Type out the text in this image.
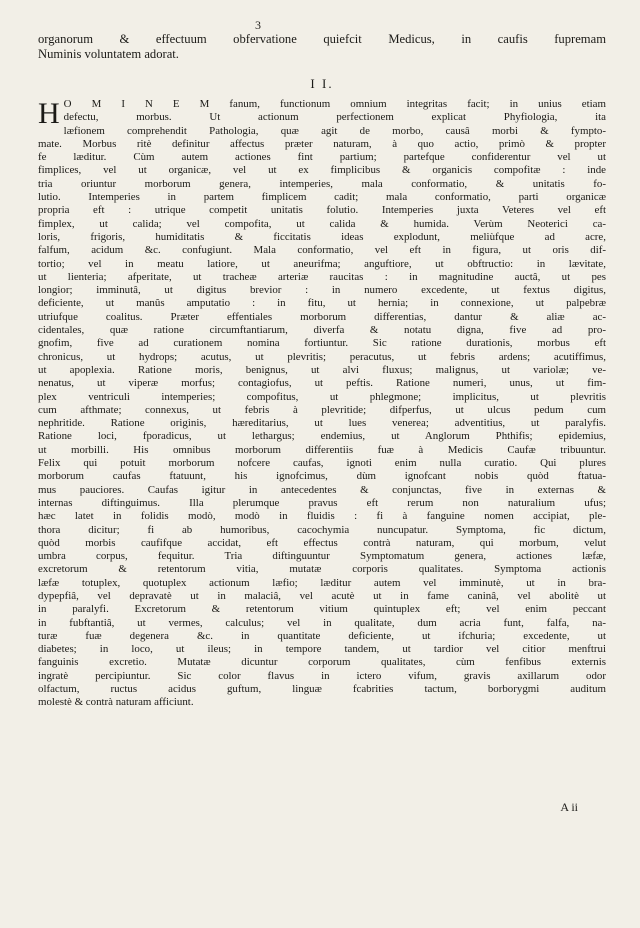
3
organorum & effectuum obfervatione quiefcit Medicus, in caufis fupremam
Numinis voluntatem adorat.
I I.
H O M I N E M fanum, functionum omnium integritas facit; in unius etiam
defectu, morbus. Ut actionum perfectionem explicat Phyfiologia, ita
læfionem comprehendit Pathologia, quæ agit de morbo, causâ morbi & fympto-
mate. Morbus ritè definitur affectus præter naturam, à quo actio, primò & propter
fe læditur. Cùm autem actiones fint partium; partefque confiderentur vel ut
fimplices, vel ut organicæ, vel ut ex fimplicibus & organicis compofitæ : inde
tria oriuntur morborum genera, intemperies, mala conformatio, & unitatis fo-
lutio. Intemperies in partem fimplicem cadit; mala conformatio, parti organicæ
propria eft : utrique competit unitatis folutio. Intemperies juxta Veteres vel eft
fimplex, ut calida; vel compofita, ut calida & humida. Verùm Neoterici ca-
loris, frigoris, humiditatis & ficcitatis ideas explodunt, meliùfque ad acre,
falfum, acidum &c. confugiunt. Mala conformatio, vel eft in figura, ut oris dif-
tortio; vel in meatu latiore, ut aneurifma; anguftiore, ut obftructio: in lævitate,
ut lienteria; afperitate, ut tracheæ arteriæ raucitas : in magnitudine auctâ, ut pes
longior; imminutâ, ut digitus brevior : in numero excedente, ut fextus digitus,
deficiente, ut manûs amputatio : in fitu, ut hernia; in connexione, ut palpebræ
utriufque coalitus. Præter effentiales morborum differentias, dantur & aliæ ac-
cidentales, quæ ratione circumftantiarum, diverfa & notatu digna, five ad pro-
gnofim, five ad curationem nomina fortiuntur. Sic ratione durationis, morbus eft
chronicus, ut hydrops; acutus, ut plevritis; peracutus, ut febris ardens; acutiffimus,
ut apoplexia. Ratione moris, benignus, ut alvi fluxus; malignus, ut variolæ; ve-
nenatus, ut viperæ morfus; contagiofus, ut peftis. Ratione numeri, unus, ut fim-
plex ventriculi intemperies; compofitus, ut phlegmone; implicitus, ut plevritis
cum afthmate; connexus, ut febris à plevritide; difperfus, ut ulcus pedum cum
nephritide. Ratione originis, hæreditarius, ut lues venerea; adventitius, ut paralyfis.
Ratione loci, fporadicus, ut lethargus; endemius, ut Anglorum Phthifis; epidemius,
ut morbilli. His omnibus morborum differentiis fuæ à Medicis Caufæ tribuuntur.
Felix qui potuit morborum nofcere caufas, ignoti enim nulla curatio. Qui plures
morborum caufas ftatuunt, his ignofcimus, dùm ignofcant nobis quòd ftatua-
mus pauciores. Caufas igitur in antecedentes & conjunctas, five in externas &
internas diftinguimus. Illa plerumque pravus eft rerum non naturalium ufus;
hæc latet in folidis modò, modò in fluidis : fi à fanguine nomen accipiat, ple-
thora dicitur; fi ab humoribus, cacochymia nuncupatur. Symptoma, fic dictum,
quòd morbis caufifque accidat, eft effectus contrà naturam, qui morbum, velut
umbra corpus, fequitur. Tria diftinguuntur Symptomatum genera, actiones læfæ,
excretorum & retentorum vitia, mutatæ corporis qualitates. Symptoma actionis
læfæ totuplex, quotuplex actionum læfio; læditur autem vel imminutè, ut in bra-
dypepfiâ, vel depravatè ut in malaciâ, vel acutè ut in fame caninâ, vel abolitè ut
in paralyfi. Excretorum & retentorum vitium quintuplex eft; vel enim peccant
in fubftantiâ, ut vermes, calculus; vel in qualitate, dum acria funt, falfa, na-
turæ fuæ degenera &c. in quantitate deficiente, ut ifchuria; excedente, ut
diabetes; in loco, ut ileus; in tempore tandem, ut tardior vel citior menftrui
fanguinis excretio. Mutatæ dicuntur corporum qualitates, cùm fenfibus externis
ingratè percipiuntur. Sic color flavus in ictero vifum, gravis axillarum odor
olfactum, ructus acidus guftum, linguæ fcabrities tactum, borborygmi auditum
molestè & contrà naturam afficiunt.
A ii
